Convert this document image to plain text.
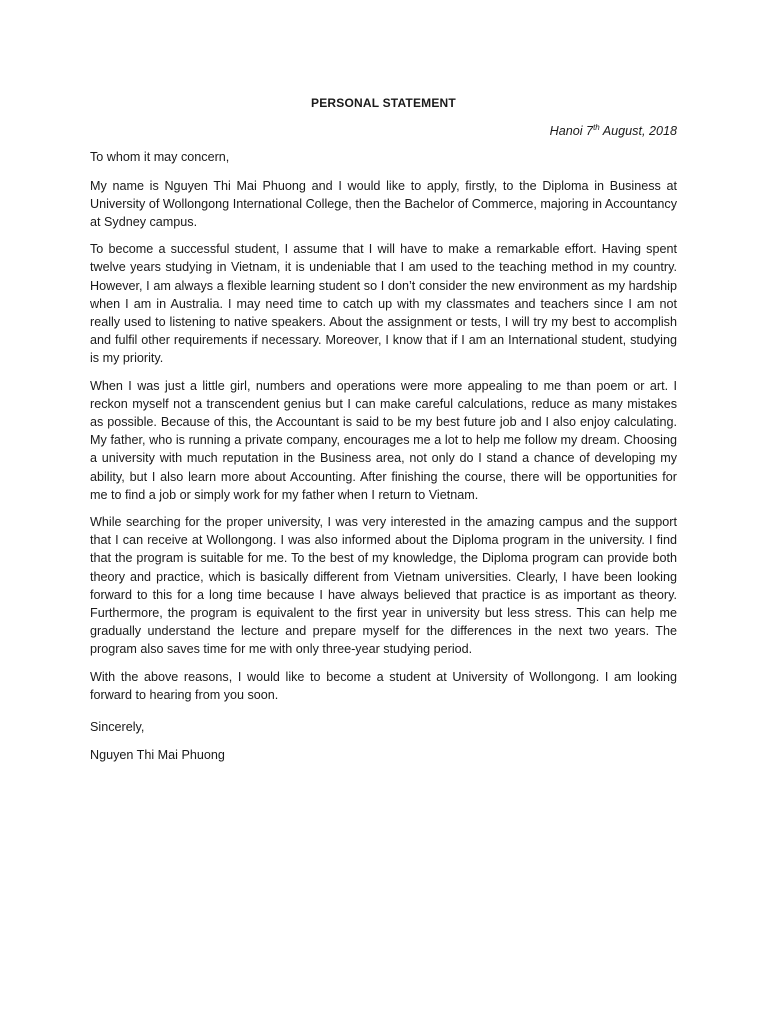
PERSONAL STATEMENT
Hanoi 7th August, 2018
To whom it may concern,

My name is Nguyen Thi Mai Phuong and I would like to apply, firstly, to the Diploma in Business at University of Wollongong International College, then the Bachelor of Commerce, majoring in Accountancy at Sydney campus.

To become a successful student, I assume that I will have to make a remarkable effort. Having spent twelve years studying in Vietnam, it is undeniable that I am used to the teaching method in my country. However, I am always a flexible learning student so I don’t consider the new environment as my hardship when I am in Australia. I may need time to catch up with my classmates and teachers since I am not really used to listening to native speakers. About the assignment or tests, I will try my best to accomplish and fulfil other requirements if necessary. Moreover, I know that if I am an International student, studying is my priority.

When I was just a little girl, numbers and operations were more appealing to me than poem or art. I reckon myself not a transcendent genius but I can make careful calculations, reduce as many mistakes as possible. Because of this, the Accountant is said to be my best future job and I also enjoy calculating. My father, who is running a private company, encourages me a lot to help me follow my dream. Choosing a university with much reputation in the Business area, not only do I stand a chance of developing my ability, but I also learn more about Accounting. After finishing the course, there will be opportunities for me to find a job or simply work for my father when I return to Vietnam.

While searching for the proper university, I was very interested in the amazing campus and the support that I can receive at Wollongong. I was also informed about the Diploma program in the university. I find that the program is suitable for me. To the best of my knowledge, the Diploma program can provide both theory and practice, which is basically different from Vietnam universities. Clearly, I have been looking forward to this for a long time because I have always believed that practice is as important as theory. Furthermore, the program is equivalent to the first year in university but less stress. This can help me gradually understand the lecture and prepare myself for the differences in the next two years. The program also saves time for me with only three-year studying period.

With the above reasons, I would like to become a student at University of Wollongong. I am looking forward to hearing from you soon.

Sincerely,
Nguyen Thi Mai Phuong
